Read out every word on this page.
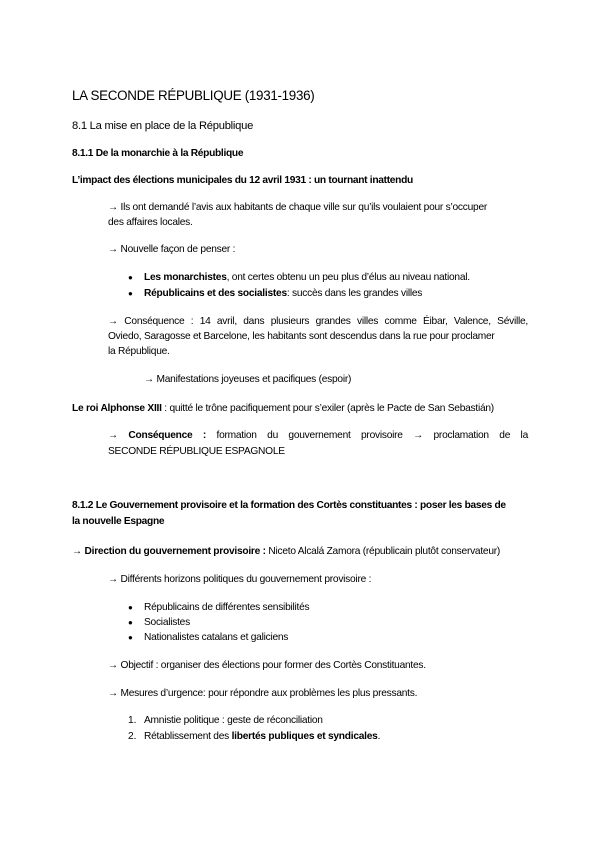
LA SECONDE RÉPUBLIQUE (1931-1936)
8.1 La mise en place de la République
8.1.1 De la monarchie à la République
L’impact des élections municipales du 12 avril 1931 : un tournant inattendu
→ Ils ont demandé l’avis aux habitants de chaque ville sur qu’ils voulaient pour s’occuper
des affaires locales.
→ Nouvelle façon de penser :
● Les monarchistes, ont certes obtenu un peu plus d’élus au niveau national.
● Républicains et des socialistes: succès dans les grandes villes
→ Conséquence : 14 avril, dans plusieurs grandes villes comme Éibar, Valence, Séville,
Oviedo, Saragosse et Barcelone, les habitants sont descendus dans la rue pour proclamer
la République.
→ Manifestations joyeuses et pacifiques (espoir)
Le roi Alphonse XIII : quitté le trône pacifiquement pour s’exiler (après le Pacte de San Sebastián)
→ Conséquence : formation du gouvernement provisoire → proclamation de la
SECONDE RÉPUBLIQUE ESPAGNOLE
8.1.2 Le Gouvernement provisoire et la formation des Cortès constituantes : poser les bases de
la nouvelle Espagne
→ Direction du gouvernement provisoire : Niceto Alcalá Zamora (républicain plutôt conservateur)
→ Différents horizons politiques du gouvernement provisoire :
● Républicains de différentes sensibilités
● Socialistes
● Nationalistes catalans et galiciens
→ Objectif : organiser des élections pour former des Cortès Constituantes.
→ Mesures d’urgence: pour répondre aux problèmes les plus pressants.
1. Amnistie politique : geste de réconciliation
2. Rétablissement des libertés publiques et syndicales.
